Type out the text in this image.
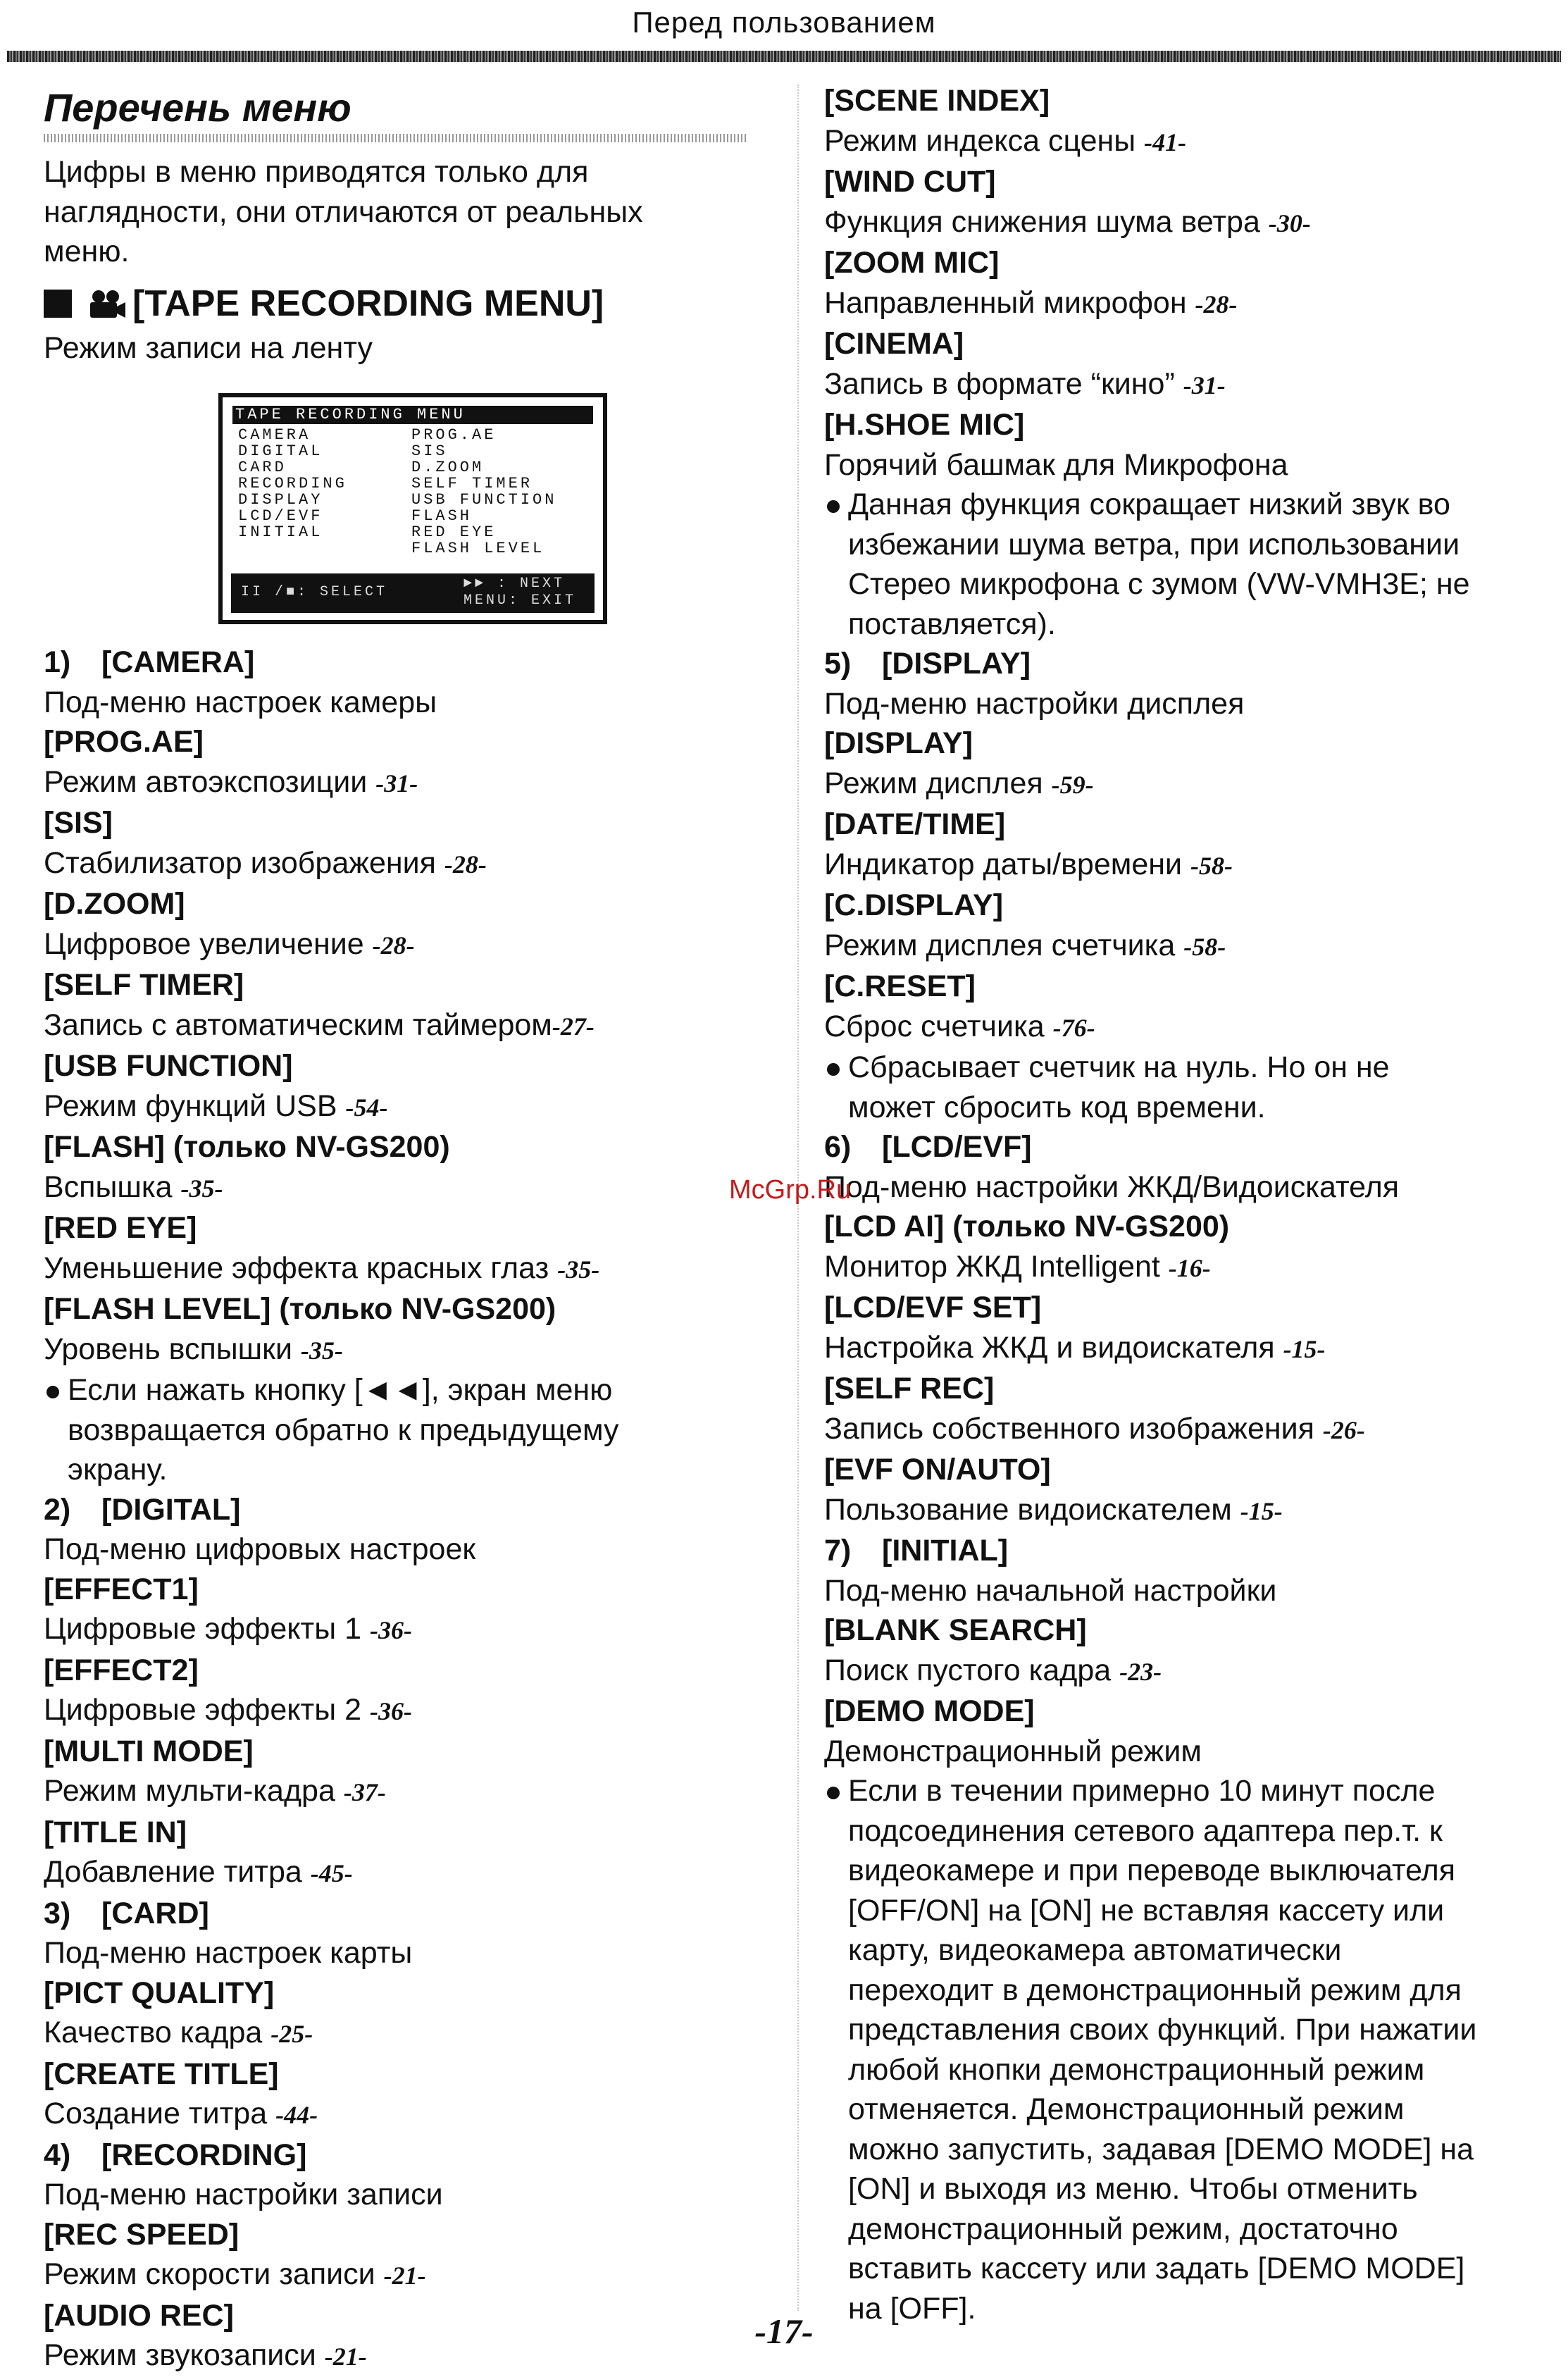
Перед пользованием
Перечень меню
Цифры в меню приводятся только для
наглядности, они отличаются от реальных
меню.
[TAPE RECORDING MENU]
Режим записи на ленту
TAPE RECORDING MENU
CAMERA
DIGITAL
CARD
RECORDING
DISPLAY
LCD/EVF
INITIAL
PROG.AE
SIS
D.ZOOM
SELF TIMER
USB FUNCTION
FLASH
RED EYE
FLASH LEVEL
II /■: SELECT
►► : NEXT
MENU: EXIT
1) [CAMERA]
Под-меню настроек камеры
[PROG.AE]
Режим автоэкспозиции -31-
[SIS]
Стабилизатор изображения -28-
[D.ZOOM]
Цифровое увеличение -28-
[SELF TIMER]
Запись с автоматическим таймером-27-
[USB FUNCTION]
Режим функций USB -54-
[FLASH] (только NV-GS200)
Вспышка -35-
[RED EYE]
Уменьшение эффекта красных глаз -35-
[FLASH LEVEL] (только NV-GS200)
Уровень вспышки -35-
Если нажать кнопку [◄◄], экран меню
возвращается обратно к предыдущему
экрану.
2) [DIGITAL]
Под-меню цифровых настроек
[EFFECT1]
Цифровые эффекты 1 -36-
[EFFECT2]
Цифровые эффекты 2 -36-
[MULTI MODE]
Режим мульти-кадра -37-
[TITLE IN]
Добавление титра -45-
3) [CARD]
Под-меню настроек карты
[PICT QUALITY]
Качество кадра -25-
[CREATE TITLE]
Создание титра -44-
4) [RECORDING]
Под-меню настройки записи
[REC SPEED]
Режим скорости записи -21-
[AUDIO REC]
Режим звукозаписи -21-
[SCENE INDEX]
Режим индекса сцены -41-
[WIND CUT]
Функция снижения шума ветра -30-
[ZOOM MIC]
Направленный микрофон -28-
[CINEMA]
Запись в формате “кино” -31-
[H.SHOE MIC]
Горячий башмак для Микрофона
Данная функция сокращает низкий звук во
избежании шума ветра, при использовании
Стерео микрофона с зумом (VW-VMH3E; не
поставляется).
5) [DISPLAY]
Под-меню настройки дисплея
[DISPLAY]
Режим дисплея -59-
[DATE/TIME]
Индикатор даты/времени -58-
[C.DISPLAY]
Режим дисплея счетчика -58-
[C.RESET]
Сброс счетчика -76-
Сбрасывает счетчик на нуль. Но он не
может сбросить код времени.
6) [LCD/EVF]
Под-меню настройки ЖКД/Видоискателя
[LCD AI] (только NV-GS200)
Монитор ЖКД Intelligent -16-
[LCD/EVF SET]
Настройка ЖКД и видоискателя -15-
[SELF REC]
Запись собственного изображения -26-
[EVF ON/AUTO]
Пользование видоискателем -15-
7) [INITIAL]
Под-меню начальной настройки
[BLANK SEARCH]
Поиск пустого кадра -23-
[DEMO MODE]
Демонстрационный режим
Если в течении примерно 10 минут после
подсоединения сетевого адаптера пер.т. к
видеокамере и при переводе выключателя
[OFF/ON] на [ON] не вставляя кассету или
карту, видеокамера автоматически
переходит в демонстрационный режим для
представления своих функций. При нажатии
любой кнопки демонстрационный режим
отменяется. Демонстрационный режим
можно запустить, задавая [DEMO MODE] на
[ON] и выходя из меню. Чтобы отменить
демонстрационный режим, достаточно
вставить кассету или задать [DEMO MODE]
на [OFF].
McGrp.Ru
-17-
